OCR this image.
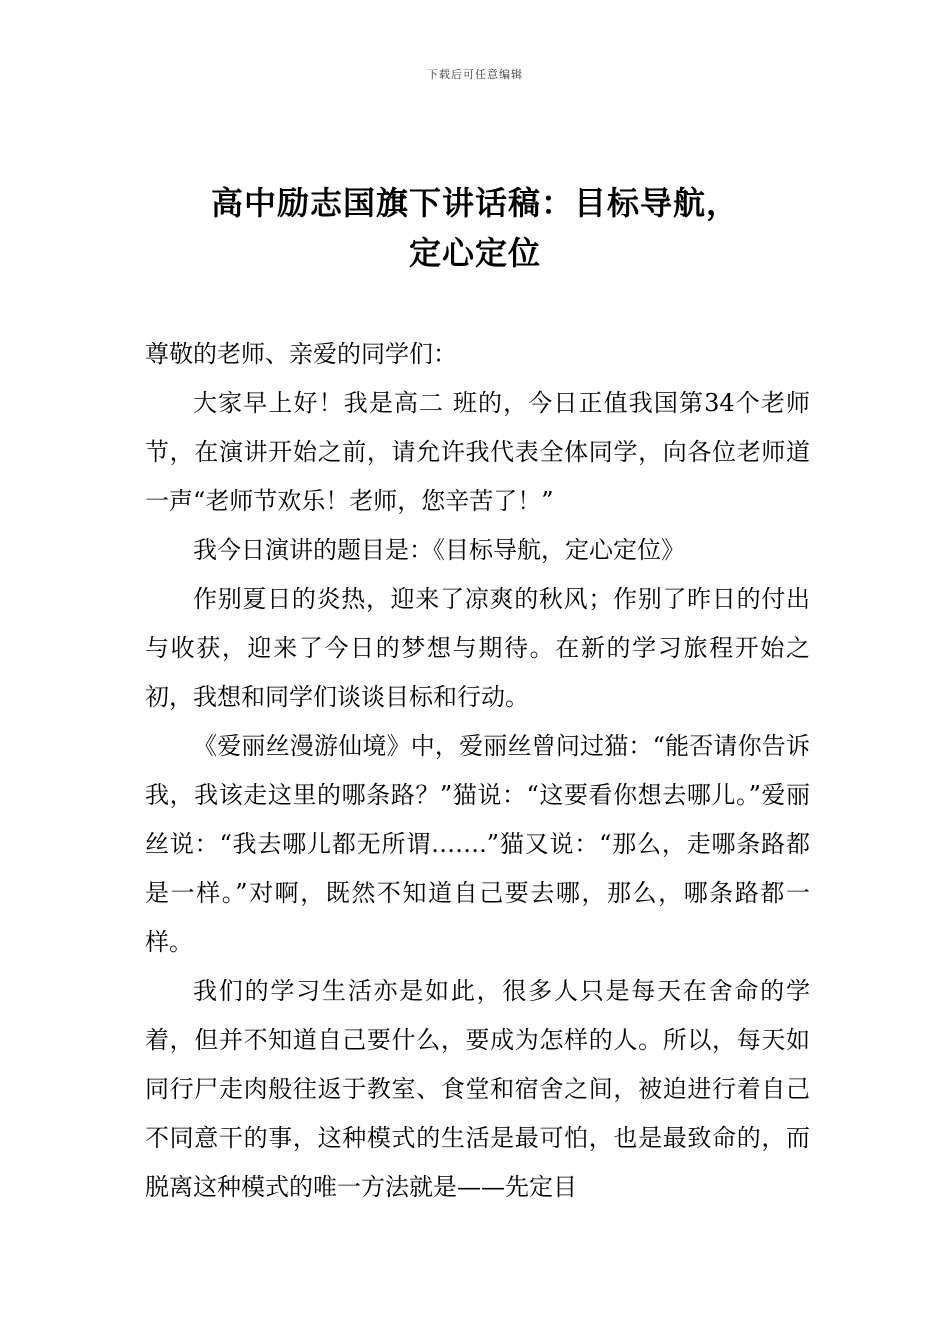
下载后可任意编辑
高中励志国旗下讲话稿：目标导航，
定心定位

尊敬的老师、亲爱的同学们：

大家早上好！我是高二 班的，今日正值我国第34个老师节，在演讲开始之前，请允许我代表全体同学，向各位老师道一声“老师节欢乐！老师，您辛苦了！”

我今日演讲的题目是：《目标导航，定心定位》

作别夏日的炎热，迎来了凉爽的秋风；作别了昨日的付出与收获，迎来了今日的梦想与期待。在新的学习旅程开始之初，我想和同学们谈谈目标和行动。

《爱丽丝漫游仙境》中，爱丽丝曾问过猫：“能否请你告诉我，我该走这里的哪条路？”猫说：“这要看你想去哪儿。”爱丽丝说：“我去哪儿都无所谓…….”猫又说：“那么，走哪条路都是一样。”对啊，既然不知道自己要去哪，那么，哪条路都一样。

我们的学习生活亦是如此，很多人只是每天在舍命的学着，但并不知道自己要什么，要成为怎样的人。所以，每天如同行尸走肉般往返于教室、食堂和宿舍之间，被迫进行着自己不同意干的事，这种模式的生活是最可怕，也是最致命的，而脱离这种模式的唯一方法就是——先定目
